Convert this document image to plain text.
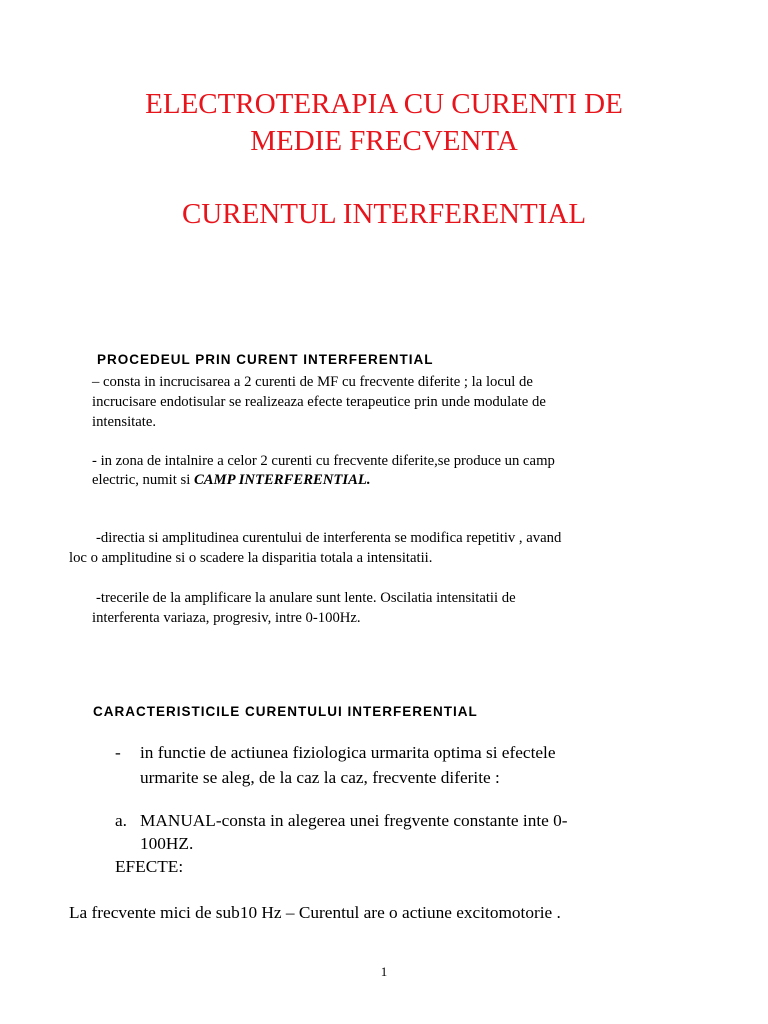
ELECTROTERAPIA CU CURENTI DE
MEDIE FRECVENTA
CURENTUL INTERFERENTIAL
PROCEDEUL PRIN CURENT INTERFERENTIAL
– consta in incrucisarea a 2 curenti de MF cu frecvente diferite ; la locul de
incrucisare endotisular se realizeaza efecte terapeutice prin unde modulate de
intensitate.
- in zona de intalnire a celor 2 curenti cu frecvente diferite,se produce un camp
electric, numit si CAMP INTERFERENTIAL.
-directia si amplitudinea curentului de interferenta se modifica repetitiv , avand
loc o amplitudine si o scadere la disparitia totala a intensitatii.
-trecerile de la amplificare la anulare sunt lente. Oscilatia intensitatii de
interferenta variaza, progresiv, intre 0-100Hz.
CARACTERISTICILE CURENTULUI INTERFERENTIAL
- in functie de actiunea fiziologica urmarita optima si efectele
urmarite se aleg, de la caz la caz, frecvente diferite :
a. MANUAL-consta in alegerea unei fregvente constante inte 0-
100HZ.
EFECTE:
La frecvente mici de sub10 Hz – Curentul are o actiune excitomotorie .
1
